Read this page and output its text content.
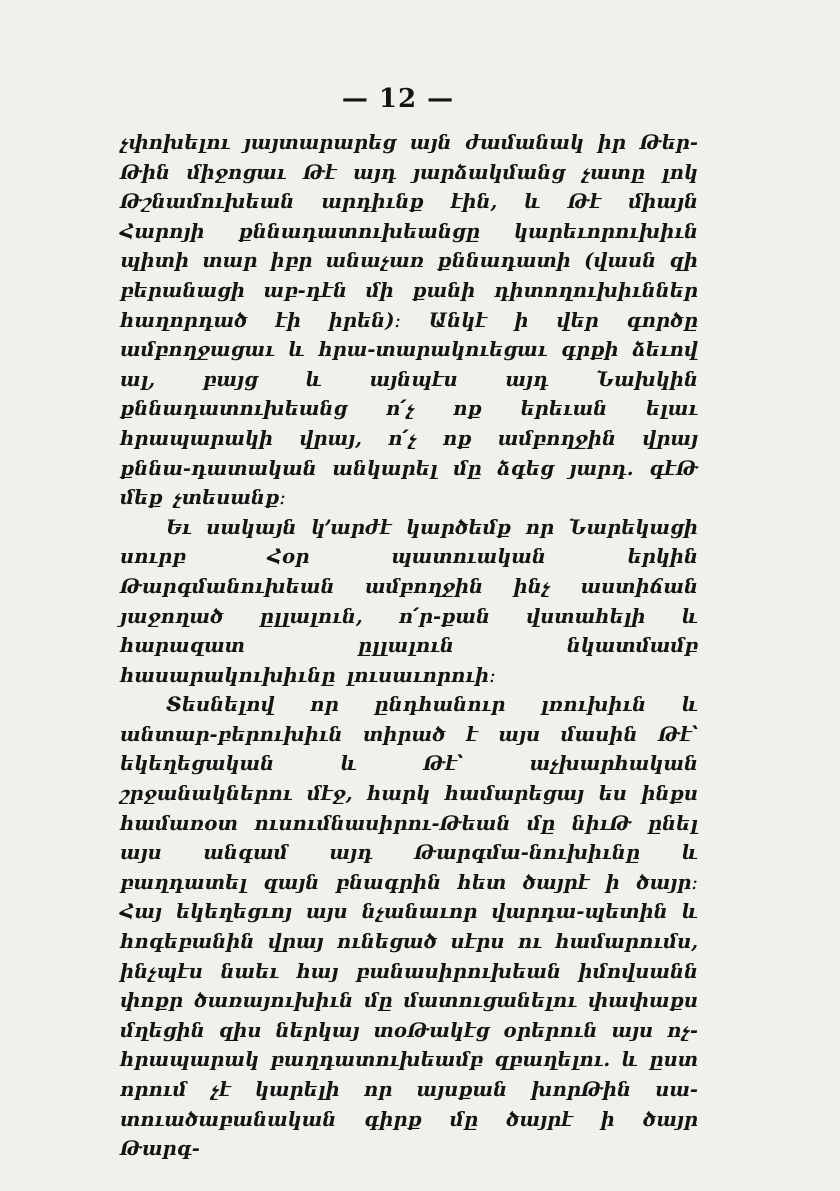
— 12 —

չփոխելու յայտարարեց այն ժամանակ իր Թեր-Թին միջոցաւ Թէ այդ յարձակմանց չատը լոկ Թշնամուխեան արդիւնք էին, և Թէ միայն Հարոյի քննադատուխեանցը կարեւորուխիւն պիտի տար իբր անաչառ քննադատի (վասն զի բերանացի աբ-դէն մի քանի դիտողուխիւններ հաղորդած էի իրեն)։ Անկէ ի վեր գործը ամբողջացաւ և հրա-տարակուեցաւ գրքի ձեւով ալ, բայց և այնպէս այդ Նախկին քննադատուխեանց ո՛չ ոք երեւան ելաւ հրապարակի վրայ, ո՛չ ոք ամբողջին վրայ քննա-դատական անկարել մը ձգեց յարդ. գէԹ մեք չտեսանք։

Եւ սակայն կ՚արժէ կարծեմք որ Նարեկացի սուրբ Հօր պատուական երկին Թարգմանուխեան ամբողջին ինչ աստիճան յաջողած ըլլալուն, ո՛ր-քան վստահելի և հարազատ ըլլալուն նկատմամբ հասարակուխիւնը լուսաւորուի։

Տեսնելով որ ընդհանուր լռուխիւն և անտար-բերուխիւն տիրած է այս մասին Թէ՝ եկեղեցական և Թէ՝ աչխարհական շրջանակներու մէջ, հարկ համարեցայ ես ինքս համառօտ ուսումնասիրու-Թեան մը նիւԹ ընել այս անգամ այդ Թարգմա-նուխիւնը և բաղդատել զայն բնագրին հետ ծայրէ ի ծայր։ Հայ եկեղեցւոյ այս նչանաւոր վարդա-պետին և հոգեբանին վրայ ունեցած սէրս ու համարումս, ինչպէս նաեւ հայ բանասիրուխեան իմովսանն փոքր ծառայուխիւն մը մատուցանելու փափաքս մղեցին զիս ներկայ տօԹակէց օրերուն այս ոչ-հրապարակ բաղդատուխեամբ զբաղելու. և ըստ որում չէ կարելի որ այսքան խորԹին սա-տուածաբանական գիրք մը ծայրէ ի ծայր Թարգ-
